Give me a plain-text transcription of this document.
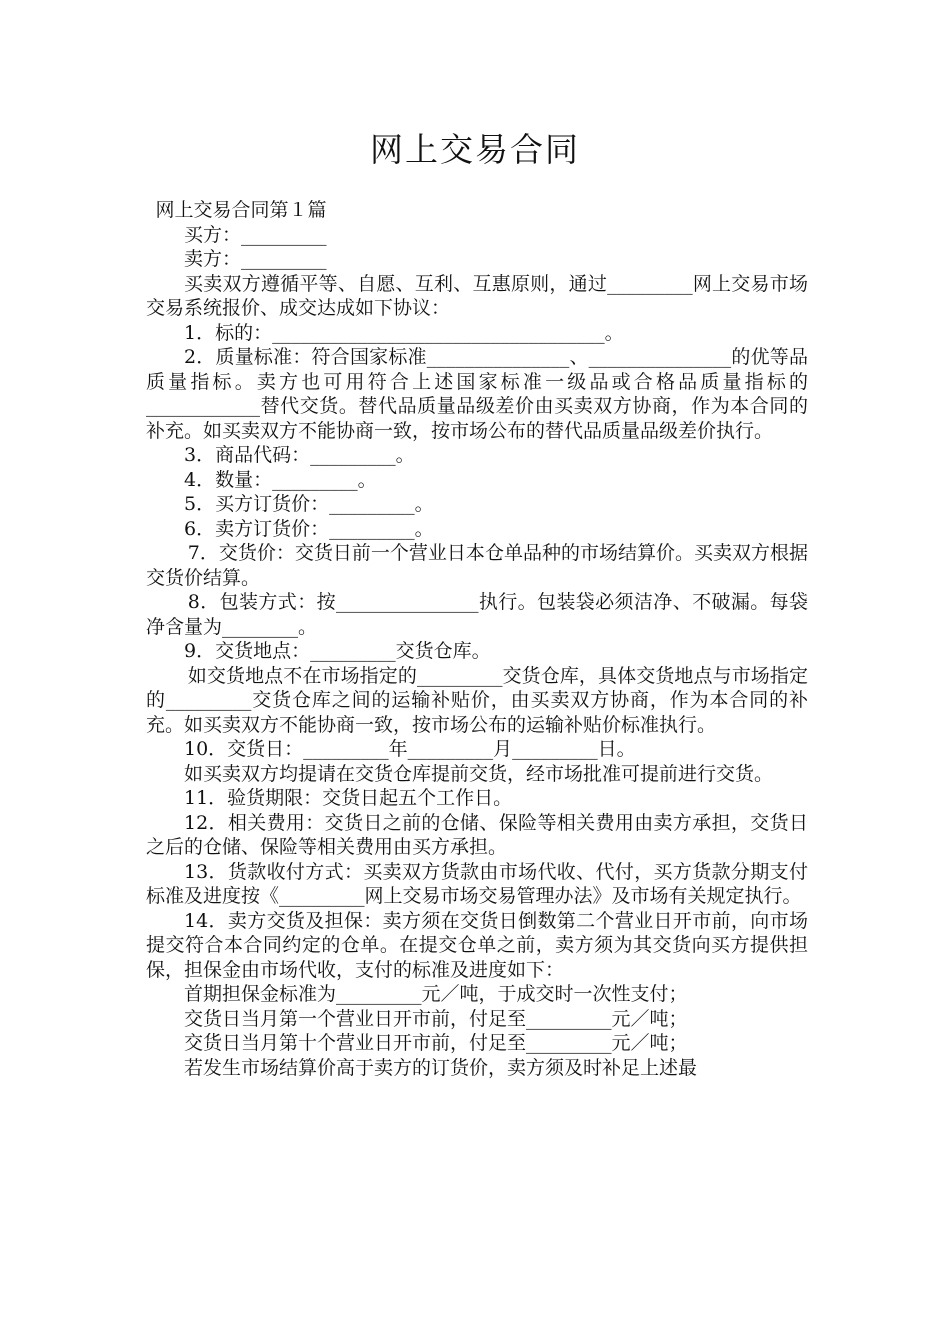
网上交易合同

网上交易合同第１篇

买方：_________

卖方：_________

买卖双方遵循平等、自愿、互利、互惠原则，通过_________网上交易市场交易系统报价、成交达成如下协议：

1．标的：___________________________________。

2．质量标准：符合国家标准_______________、_______________的优等品质量指标。卖方也可用符合上述国家标准一级品或合格品质量指标的____________替代交货。替代品质量品级差价由买卖双方协商，作为本合同的补充。如买卖双方不能协商一致，按市场公布的替代品质量品级差价执行。

3．商品代码：_________。

4．数量：_________。

5．买方订货价：_________。

6．卖方订货价：_________。

7．交货价：交货日前一个营业日本仓单品种的市场结算价。买卖双方根据交货价结算。

8．包装方式：按_______________执行。包装袋必须洁净、不破漏。每袋净含量为________。

9．交货地点：_________交货仓库。

如交货地点不在市场指定的_________交货仓库，具体交货地点与市场指定的_________交货仓库之间的运输补贴价，由买卖双方协商，作为本合同的补充。如买卖双方不能协商一致，按市场公布的运输补贴价标准执行。

10．交货日：_________年_________月_________日。

如买卖双方均提请在交货仓库提前交货，经市场批准可提前进行交货。

11．验货期限：交货日起五个工作日。

12．相关费用：交货日之前的仓储、保险等相关费用由卖方承担，交货日之后的仓储、保险等相关费用由买方承担。

13．货款收付方式：买卖双方货款由市场代收、代付，买方货款分期支付标准及进度按《_________网上交易市场交易管理办法》及市场有关规定执行。

14．卖方交货及担保：卖方须在交货日倒数第二个营业日开市前，向市场提交符合本合同约定的仓单。在提交仓单之前，卖方须为其交货向买方提供担保，担保金由市场代收，支付的标准及进度如下：

首期担保金标准为_________元／吨，于成交时一次性支付；

交货日当月第一个营业日开市前，付足至_________元／吨；

交货日当月第十个营业日开市前，付足至_________元／吨；

若发生市场结算价高于卖方的订货价，卖方须及时补足上述最
